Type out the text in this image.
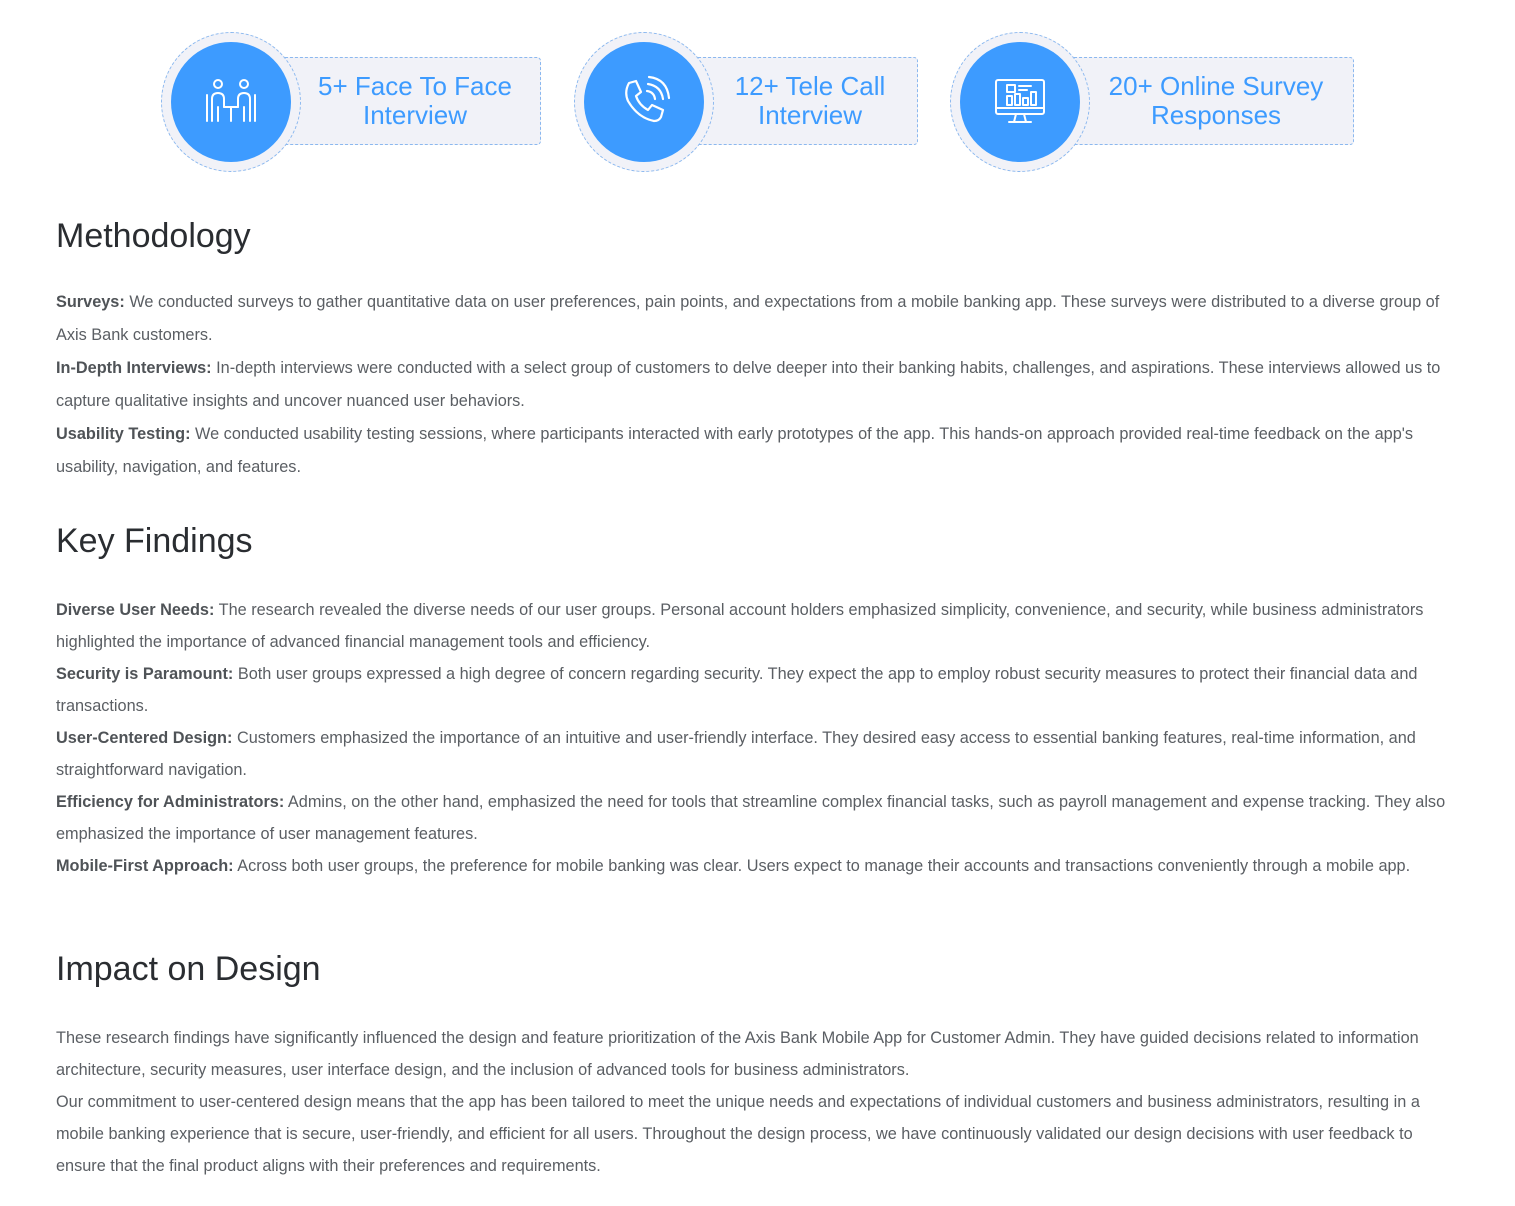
5+ Face To Face
Interview
12+ Tele Call
Interview
20+ Online Survey
Responses
Methodology

Surveys: We conducted surveys to gather quantitative data on user preferences, pain points, and expectations from a mobile banking app. These surveys were distributed to a diverse group of Axis Bank customers.

In-Depth Interviews: In-depth interviews were conducted with a select group of customers to delve deeper into their banking habits, challenges, and aspirations. These interviews allowed us to capture qualitative insights and uncover nuanced user behaviors.

Usability Testing: We conducted usability testing sessions, where participants interacted with early prototypes of the app. This hands-on approach provided real-time feedback on the app's usability, navigation, and features.

Key Findings

Diverse User Needs: The research revealed the diverse needs of our user groups. Personal account holders emphasized simplicity, convenience, and security, while business administrators highlighted the importance of advanced financial management tools and efficiency.

Security is Paramount: Both user groups expressed a high degree of concern regarding security. They expect the app to employ robust security measures to protect their financial data and transactions.

User-Centered Design: Customers emphasized the importance of an intuitive and user-friendly interface. They desired easy access to essential banking features, real-time information, and straightforward navigation.

Efficiency for Administrators: Admins, on the other hand, emphasized the need for tools that streamline complex financial tasks, such as payroll management and expense tracking. They also emphasized the importance of user management features.

Mobile-First Approach: Across both user groups, the preference for mobile banking was clear. Users expect to manage their accounts and transactions conveniently through a mobile app.

Impact on Design

These research findings have significantly influenced the design and feature prioritization of the Axis Bank Mobile App for Customer Admin. They have guided decisions related to information architecture, security measures, user interface design, and the inclusion of advanced tools for business administrators.

Our commitment to user-centered design means that the app has been tailored to meet the unique needs and expectations of individual customers and business administrators, resulting in a mobile banking experience that is secure, user-friendly, and efficient for all users. Throughout the design process, we have continuously validated our design decisions with user feedback to ensure that the final product aligns with their preferences and requirements.
